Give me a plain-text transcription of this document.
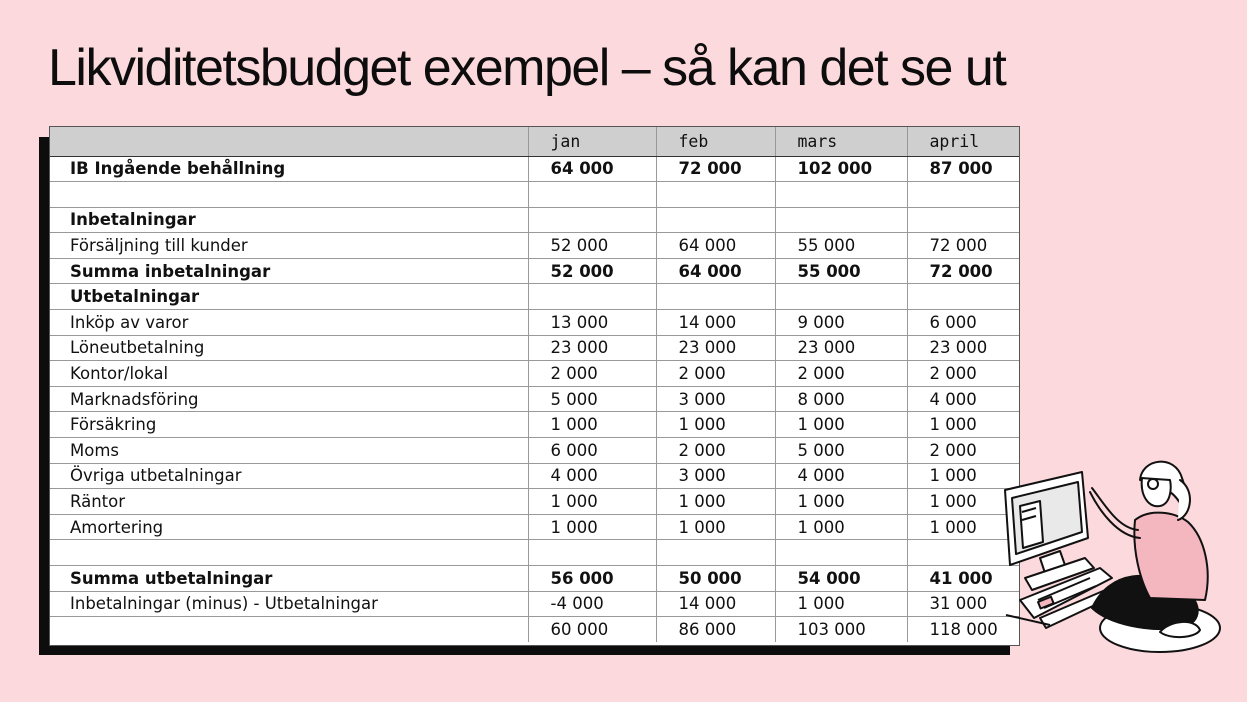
Likviditetsbudget exempel – så kan det se ut
	jan	feb	mars	april
IB Ingående behållning	64 000	72 000	102 000	87 000

Inbetalningar				
Försäljning till kunder	52 000	64 000	55 000	72 000
Summa inbetalningar	52 000	64 000	55 000	72 000
Utbetalningar				
Inköp av varor	13 000	14 000	9 000	6 000
Löneutbetalning	23 000	23 000	23 000	23 000
Kontor/lokal	2 000	2 000	2 000	2 000
Marknadsföring	5 000	3 000	8 000	4 000
Försäkring	1 000	1 000	1 000	1 000
Moms	6 000	2 000	5 000	2 000
Övriga utbetalningar	4 000	3 000	4 000	1 000
Räntor	1 000	1 000	1 000	1 000
Amortering	1 000	1 000	1 000	1 000

Summa utbetalningar	56 000	50 000	54 000	41 000
Inbetalningar (minus) - Utbetalningar	-4 000	14 000	1 000	31 000
	60 000	86 000	103 000	118 000
